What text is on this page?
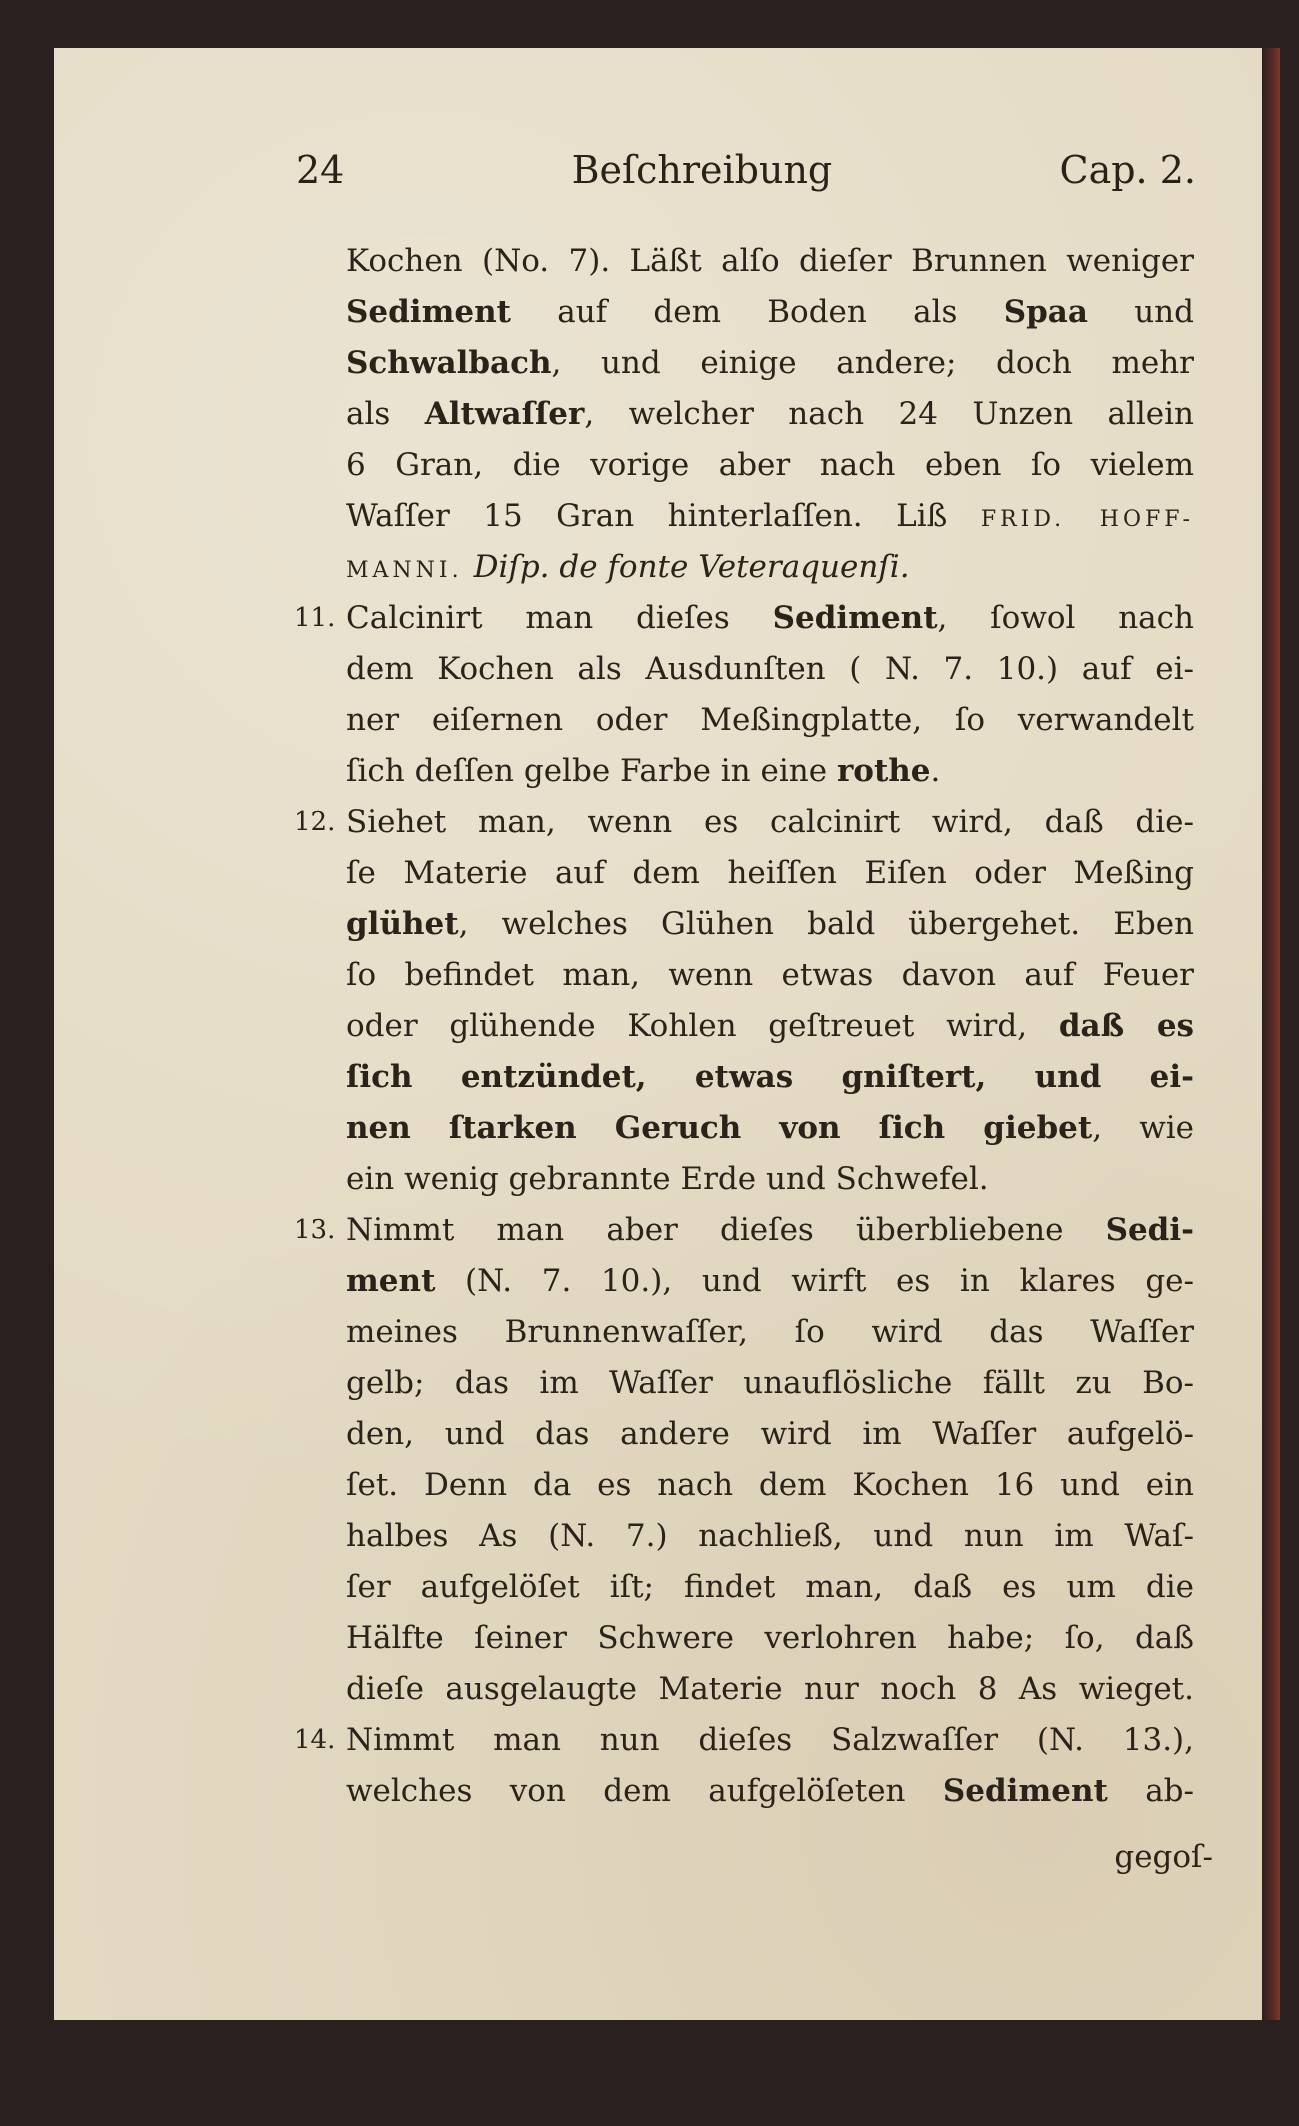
24	Beſchreibung	Cap. 2.
Kochen (No. 7). Läßt alſo dieſer Brunnen weniger
Sediment auf dem Boden als Spaa und
Schwalbach, und einige andere; doch mehr
als Altwaſſer, welcher nach 24 Unzen allein
6 Gran, die vorige aber nach eben ſo vielem
Waſſer 15 Gran hinterlaſſen. Liß FRID. HOFF-
MANNI. Diſp. de fonte Veteraquenſi.
11. Calcinirt man dieſes Sediment, ſowol nach
dem Kochen als Ausdunſten ( N. 7. 10.) auf ei-
ner eiſernen oder Meßingplatte, ſo verwandelt
ſich deſſen gelbe Farbe in eine rothe.
12. Siehet man, wenn es calcinirt wird, daß die-
ſe Materie auf dem heiſſen Eiſen oder Meßing
glühet, welches Glühen bald übergehet. Eben
ſo befindet man, wenn etwas davon auf Feuer
oder glühende Kohlen geſtreuet wird, daß es
ſich entzündet, etwas gniſtert, und ei-
nen ſtarken Geruch von ſich giebet, wie
ein wenig gebrannte Erde und Schwefel.
13. Nimmt man aber dieſes überbliebene Sedi-
ment (N. 7. 10.), und wirft es in klares ge-
meines Brunnenwaſſer, ſo wird das Waſſer
gelb; das im Waſſer unauflösliche fällt zu Bo-
den, und das andere wird im Waſſer aufgelö-
ſet. Denn da es nach dem Kochen 16 und ein
halbes As (N. 7.) nachließ, und nun im Waſ-
ſer aufgelöſet iſt; findet man, daß es um die
Hälfte ſeiner Schwere verlohren habe; ſo, daß
dieſe ausgelaugte Materie nur noch 8 As wieget.
14. Nimmt man nun dieſes Salzwaſſer (N. 13.),
welches von dem aufgelöſeten Sediment ab-
gegoſ-
